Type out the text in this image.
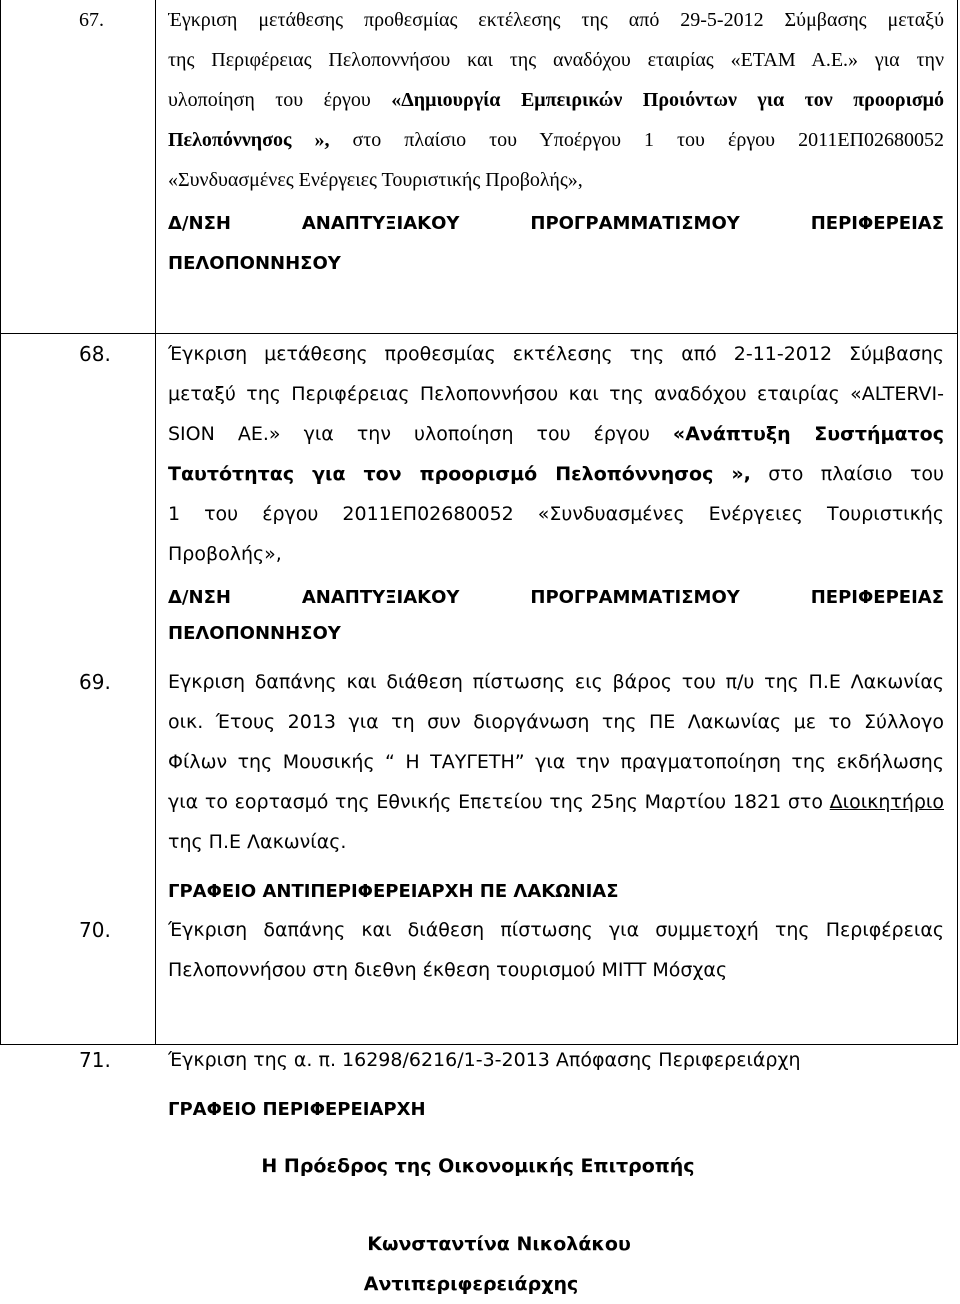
67.	Έγκριση μετάθεσης προθεσμίας εκτέλεσης της από 29-5-2012 Σύμβασης μεταξύ
της Περιφέρειας Πελοποννήσου και της αναδόχου εταιρίας «ΕΤΑΜ Α.Ε.» για την
υλοποίηση του έργου «Δημιουργία Εμπειρικών Προιόντων για τον προορισμό
Πελοπόννησος », στο πλαίσιο του Υποέργου 1 του έργου 2011ΕΠ02680052
«Συνδυασμένες Ενέργειες Τουριστικής Προβολής»,
Δ/ΝΣΗ ΑΝΑΠΤΥΞΙΑΚΟΥ ΠΡΟΓΡΑΜΜΑΤΙΣΜΟΥ ΠΕΡΙΦΕΡΕΙΑΣ
ΠΕΛΟΠΟΝΝΗΣΟΥ
68.	Έγκριση μετάθεσης προθεσμίας εκτέλεσης της από 2-11-2012 Σύμβασης
μεταξύ της Περιφέρειας Πελοποννήσου και της αναδόχου εταιρίας «ALTERVI-
SION ΑΕ.» για την υλοποίηση του έργου «Ανάπτυξη Συστήματος
Ταυτότητας για τον προορισμό Πελοπόννησος », στο πλαίσιο του
1 του έργου 2011ΕΠ02680052 «Συνδυασμένες Ενέργειες Τουριστικής
Προβολής»,
Δ/ΝΣΗ ΑΝΑΠΤΥΞΙΑΚΟΥ ΠΡΟΓΡΑΜΜΑΤΙΣΜΟΥ ΠΕΡΙΦΕΡΕΙΑΣ
ΠΕΛΟΠΟΝΝΗΣΟΥ
69.	Εγκριση δαπάνης και διάθεση πίστωσης εις βάρος του π/υ της Π.Ε Λακωνίας
οικ. Έτους 2013 για τη συν διοργάνωση της ΠΕ Λακωνίας με το Σύλλογο
Φίλων της Μουσικής “ Η ΤΑΥΓΕΤΗ” για την πραγματοποίηση της εκδήλωσης
για το εορτασμό της Εθνικής Επετείου της 25ης Μαρτίου 1821 στο Διοικητήριο
της Π.Ε Λακωνίας.
ΓΡΑΦΕΙΟ ΑΝΤΙΠΕΡΙΦΕΡΕΙΑΡΧΗ ΠΕ ΛΑΚΩΝΙΑΣ
70.	Έγκριση δαπάνης και διάθεση πίστωσης για συμμετοχή της Περιφέρειας
Πελοποννήσου στη διεθνη έκθεση τουρισμού MITT Μόσχας
71.	Έγκριση της α. π. 16298/6216/1-3-2013 Απόφασης Περιφερειάρχη
ΓΡΑΦΕΙΟ ΠΕΡΙΦΕΡΕΙΑΡΧΗ
Η Πρόεδρος της Οικονομικής Επιτροπής
Κωνσταντίνα Νικολάκου
Αντιπεριφερειάρχης
